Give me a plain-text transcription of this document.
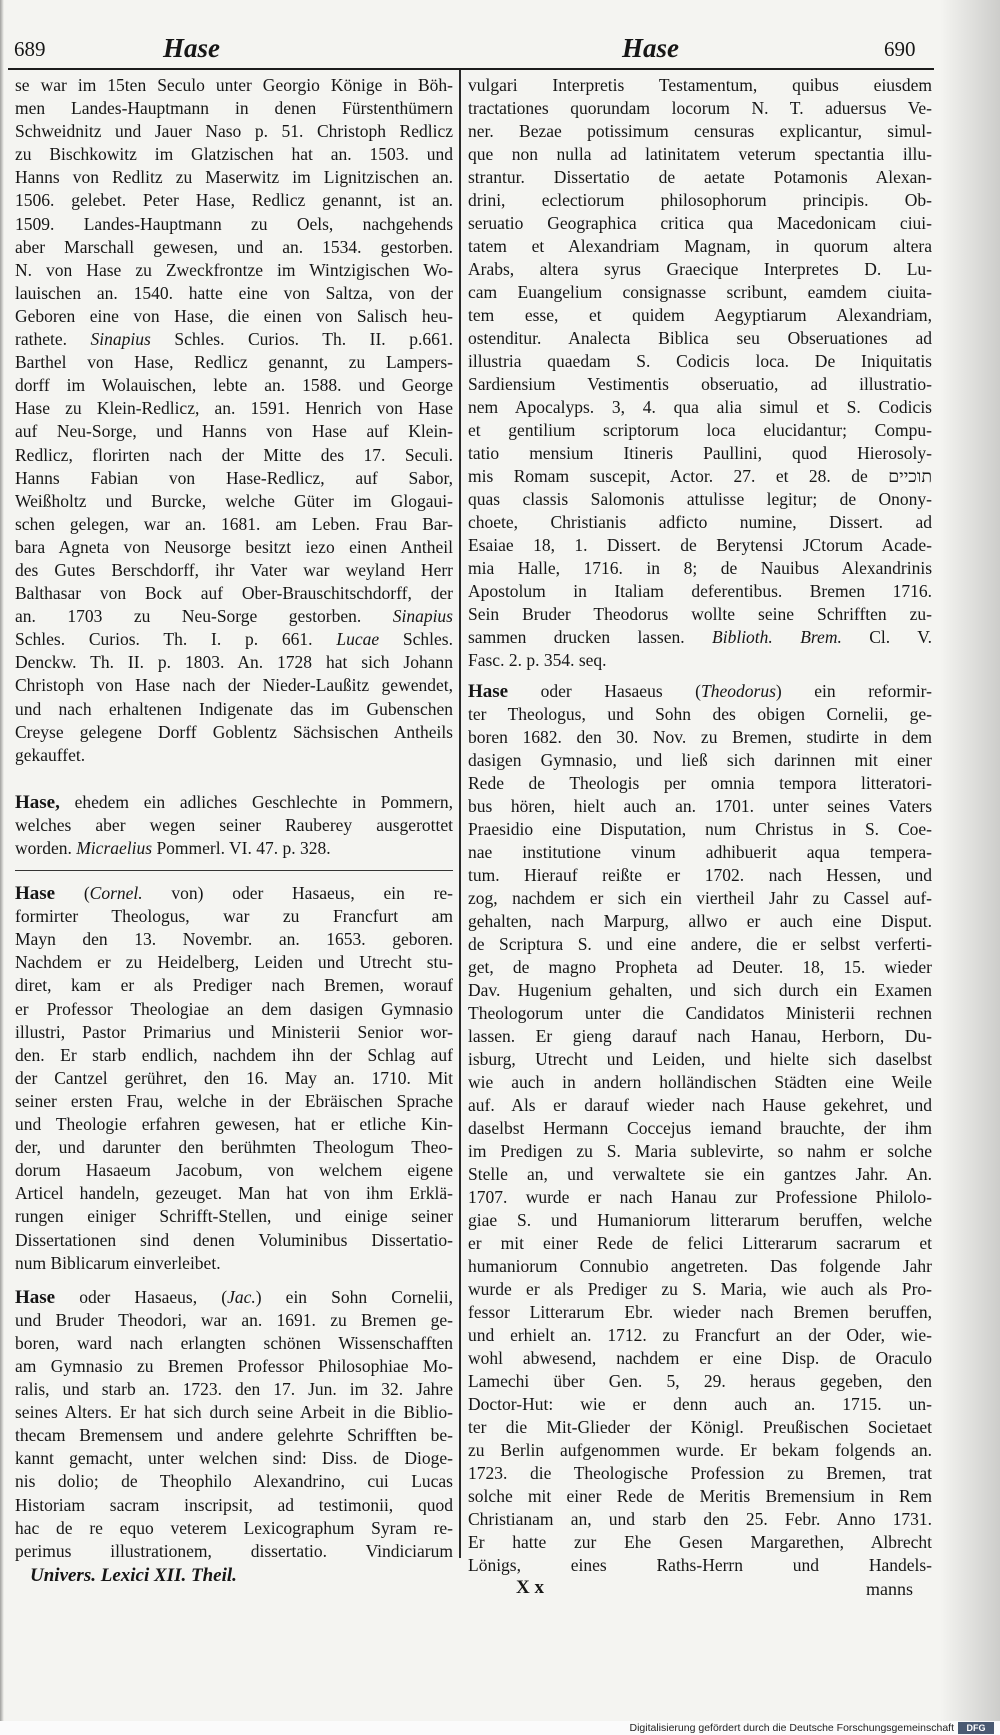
689	Hase	Hase	690
se war im 15ten Seculo unter Georgio Könige in Böh-
men Landes-Hauptmann in denen Fürstenthümern
Schweidnitz und Jauer Naso p. 51. Christoph Redlicz
zu Bischkowitz im Glatzischen hat an. 1503. und
Hanns von Redlitz zu Maserwitz im Lignitzischen an.
1506. gelebet. Peter Hase, Redlicz genannt, ist an.
1509. Landes-Hauptmann zu Oels, nachgehends
aber Marschall gewesen, und an. 1534. gestorben.
N. von Hase zu Zweckfrontze im Wintzigischen Wo-
lauischen an. 1540. hatte eine von Saltza, von der
Geboren eine von Hase, die einen von Salisch heu-
rathete. Sinapius Schles. Curios. Th. II. p.661.
Barthel von Hase, Redlicz genannt, zu Lampers-
dorff im Wolauischen, lebte an. 1588. und George
Hase zu Klein-Redlicz, an. 1591. Henrich von Hase
auf Neu-Sorge, und Hanns von Hase auf Klein-
Redlicz, florirten nach der Mitte des 17. Seculi.
Hanns Fabian von Hase-Redlicz, auf Sabor,
Weißholtz und Burcke, welche Güter im Glogaui-
schen gelegen, war an. 1681. am Leben. Frau Bar-
bara Agneta von Neusorge besitzt iezo einen Antheil
des Gutes Berschdorff, ihr Vater war weyland Herr
Balthasar von Bock auf Ober-Brauschitschdorff, der
an. 1703 zu Neu-Sorge gestorben. Sinapius
Schles. Curios. Th. I. p. 661. Lucae Schles.
Denckw. Th. II. p. 1803. An. 1728 hat sich Johann
Christoph von Hase nach der Nieder-Laußitz gewendet,
und nach erhaltenen Indigenate das im Gubenschen
Creyse gelegene Dorff Goblentz Sächsischen Antheils
gekauffet.
Hase, ehedem ein adliches Geschlechte in Pommern,
welches aber wegen seiner Rauberey ausgerottet
worden. Micraelius Pommerl. VI. 47. p. 328.
Hase (Cornel. von) oder Hasaeus, ein re-
formirter Theologus, war zu Francfurt am
Mayn den 13. Novembr. an. 1653. geboren.
Nachdem er zu Heidelberg, Leiden und Utrecht stu-
diret, kam er als Prediger nach Bremen, worauf
er Professor Theologiae an dem dasigen Gymnasio
illustri, Pastor Primarius und Ministerii Senior wor-
den. Er starb endlich, nachdem ihn der Schlag auf
der Cantzel gerühret, den 16. May an. 1710. Mit
seiner ersten Frau, welche in der Ebräischen Sprache
und Theologie erfahren gewesen, hat er etliche Kin-
der, und darunter den berühmten Theologum Theo-
dorum Hasaeum Jacobum, von welchem eigene
Articel handeln, gezeuget. Man hat von ihm Erklä-
rungen einiger Schrifft-Stellen, und einige seiner
Dissertationen sind denen Voluminibus Dissertatio-
num Biblicarum einverleibet.
Hase oder Hasaeus, (Jac.) ein Sohn Cornelii,
und Bruder Theodori, war an. 1691. zu Bremen ge-
boren, ward nach erlangten schönen Wissenschafften
am Gymnasio zu Bremen Professor Philosophiae Mo-
ralis, und starb an. 1723. den 17. Jun. im 32. Jahre
seines Alters. Er hat sich durch seine Arbeit in die Biblio-
thecam Bremensem und andere gelehrte Schrifften be-
kannt gemacht, unter welchen sind: Diss. de Dioge-
nis dolio; de Theophilo Alexandrino, cui Lucas
Historiam sacram inscripsit, ad testimonii, quod
hac de re equo veterem Lexicographum Syram re-
perimus illustrationem, dissertatio. Vindiciarum
vulgari Interpretis Testamentum, quibus eiusdem
tractationes quorundam locorum N. T. aduersus Ve-
ner. Bezae potissimum censuras explicantur, simul-
que non nulla ad latinitatem veterum spectantia illu-
strantur. Dissertatio de aetate Potamonis Alexan-
drini, eclectiorum philosophorum principis. Ob-
seruatio Geographica critica qua Macedonicam ciui-
tatem et Alexandriam Magnam, in quorum altera
Arabs, altera syrus Graecique Interpretes D. Lu-
cam Euangelium consignasse scribunt, eamdem ciuita-
tem esse, et quidem Aegyptiarum Alexandriam,
ostenditur. Analecta Biblica seu Obseruationes ad
illustria quaedam S. Codicis loca. De Iniquitatis
Sardiensium Vestimentis obseruatio, ad illustratio-
nem Apocalyps. 3, 4. qua alia simul et S. Codicis
et gentilium scriptorum loca elucidantur; Compu-
tatio mensium Itineris Paullini, quod Hierosoly-
mis Romam suscepit, Actor. 27. et 28. de תוכיים
quas classis Salomonis attulisse legitur; de Onony-
choete, Christianis adficto numine, Dissert. ad
Esaiae 18, 1. Dissert. de Berytensi JCtorum Acade-
mia Halle, 1716. in 8; de Nauibus Alexandrinis
Apostolum in Italiam deferentibus. Bremen 1716.
Sein Bruder Theodorus wollte seine Schrifften zu-
sammen drucken lassen. Biblioth. Brem. Cl. V.
Fasc. 2. p. 354. seq.
Hase oder Hasaeus (Theodorus) ein reformir-
ter Theologus, und Sohn des obigen Cornelii, ge-
boren 1682. den 30. Nov. zu Bremen, studirte in dem
dasigen Gymnasio, und ließ sich darinnen mit einer
Rede de Theologis per omnia tempora litteratori-
bus hören, hielt auch an. 1701. unter seines Vaters
Praesidio eine Disputation, num Christus in S. Coe-
nae institutione vinum adhibuerit aqua tempera-
tum. Hierauf reißte er 1702. nach Hessen, und
zog, nachdem er sich ein viertheil Jahr zu Cassel auf-
gehalten, nach Marpurg, allwo er auch eine Disput.
de Scriptura S. und eine andere, die er selbst verferti-
get, de magno Propheta ad Deuter. 18, 15. wieder
Dav. Hugenium gehalten, und sich durch ein Examen
Theologorum unter die Candidatos Ministerii rechnen
lassen. Er gieng darauf nach Hanau, Herborn, Du-
isburg, Utrecht und Leiden, und hielte sich daselbst
wie auch in andern holländischen Städten eine Weile
auf. Als er darauf wieder nach Hause gekehret, und
daselbst Hermann Coccejus iemand brauchte, der ihm
im Predigen zu S. Maria sublevirte, so nahm er solche
Stelle an, und verwaltete sie ein gantzes Jahr. An.
1707. wurde er nach Hanau zur Professione Philolo-
giae S. und Humaniorum litterarum beruffen, welche
er mit einer Rede de felici Litterarum sacrarum et
humaniorum Connubio angetreten. Das folgende Jahr
wurde er als Prediger zu S. Maria, wie auch als Pro-
fessor Litterarum Ebr. wieder nach Bremen beruffen,
und erhielt an. 1712. zu Francfurt an der Oder, wie-
wohl abwesend, nachdem er eine Disp. de Oraculo
Lamechi über Gen. 5, 29. heraus gegeben, den
Doctor-Hut: wie er denn auch an. 1715. un-
ter die Mit-Glieder der Königl. Preußischen Societaet
zu Berlin aufgenommen wurde. Er bekam folgends an.
1723. die Theologische Profession zu Bremen, trat
solche mit einer Rede de Meritis Bremensium in Rem
Christianam an, und starb den 25. Febr. Anno 1731.
Er hatte zur Ehe Gesen Margarethen, Albrecht
Lönigs, eines Raths-Herrn und Handels-
Univers. Lexici XII. Theil.
X x	manns
Digitalisierung gefördert durch die Deutsche Forschungsgemeinschaft	DFG
